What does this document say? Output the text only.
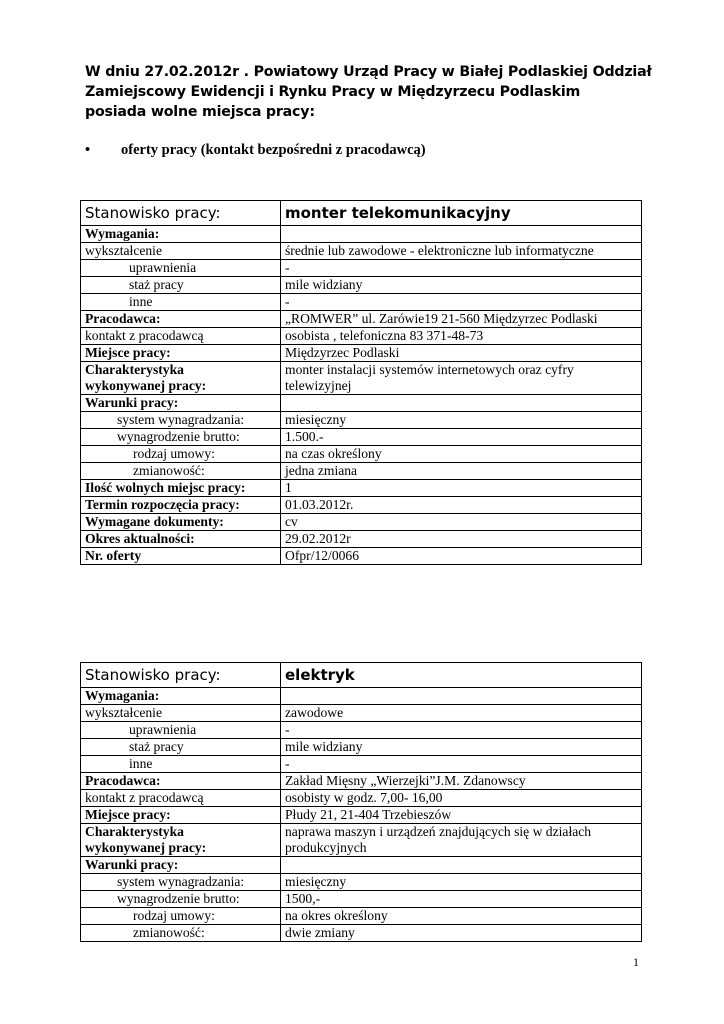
W dniu 27.02.2012r . Powiatowy Urząd Pracy w Białej Podlaskiej Oddział
Zamiejscowy Ewidencji i Rynku Pracy w Międzyrzecu Podlaskim
posiada wolne miejsca pracy:
• oferty pracy (kontakt bezpośredni z pracodawcą)
Stanowisko pracy:	monter telekomunikacyjny
Wymagania:	
wykształcenie	średnie lub zawodowe - elektroniczne lub informatyczne
uprawnienia	-
staż pracy	mile widziany
inne	-
Pracodawca:	„ROMWER” ul. Zarówie19 21-560 Międzyrzec Podlaski
kontakt z pracodawcą	osobista , telefoniczna 83 371-48-73
Miejsce pracy:	Międzyrzec Podlaski
Charakterystyka
wykonywanej pracy:	monter instalacji systemów internetowych oraz cyfry telewizyjnej
Warunki pracy:	
system wynagradzania:	miesięczny
wynagrodzenie brutto:	1.500.-
rodzaj umowy:	na czas określony
zmianowość:	jedna zmiana
Ilość wolnych miejsc pracy:	1
Termin rozpoczęcia pracy:	01.03.2012r.
Wymagane dokumenty:	cv
Okres aktualności:	29.02.2012r
Nr. oferty	Ofpr/12/0066
Stanowisko pracy:	elektryk
Wymagania:	
wykształcenie	zawodowe
uprawnienia	-
staż pracy	mile widziany
inne	-
Pracodawca:	Zakład Mięsny „Wierzejki”J.M. Zdanowscy
kontakt z pracodawcą	osobisty w godz. 7,00- 16,00
Miejsce pracy:	Płudy 21, 21-404 Trzebieszów
Charakterystyka
wykonywanej pracy:	naprawa maszyn i urządzeń znajdujących się w działach produkcyjnych
Warunki pracy:	
system wynagradzania:	miesięczny
wynagrodzenie brutto:	1500,-
rodzaj umowy:	na okres określony
zmianowość:	dwie zmiany
1
